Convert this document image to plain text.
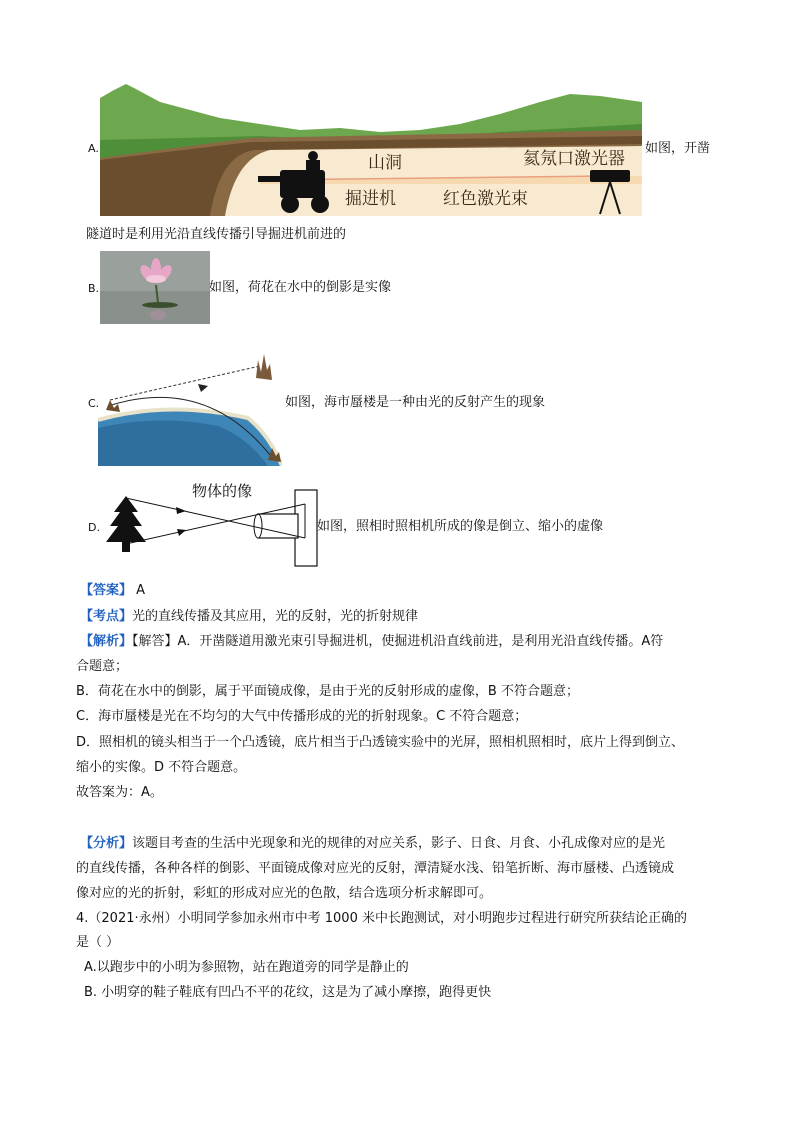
A.
山洞	氦氖口激光器
掘进机	红色激光束
如图，开凿
隧道时是利用光沿直线传播引导掘进机前进的
B.	如图，荷花在水中的倒影是实像
C.	如图，海市蜃楼是一种由光的反射产生的现象
D.
物体的像
如图，照相时照相机所成的像是倒立、缩小的虚像
【答案】 A
【考点】光的直线传播及其应用，光的反射，光的折射规律
【解析】【解答】A．开凿隧道用激光束引导掘进机，使掘进机沿直线前进，是利用光沿直线传播。A符
合题意；
B．荷花在水中的倒影，属于平面镜成像，是由于光的反射形成的虚像，B 不符合题意；
C．海市蜃楼是光在不均匀的大气中传播形成的光的折射现象。C 不符合题意；
D．照相机的镜头相当于一个凸透镜，底片相当于凸透镜实验中的光屏，照相机照相时，底片上得到倒立、
缩小的实像。D 不符合题意。
故答案为：A。
【分析】该题目考查的生活中光现象和光的规律的对应关系，影子、日食、月食、小孔成像对应的是光
的直线传播，各种各样的倒影、平面镜成像对应光的反射，潭清疑水浅、铅笔折断、海市蜃楼、凸透镜成
像对应的光的折射，彩虹的形成对应光的色散，结合选项分析求解即可。
4.（2021·永州）小明同学参加永州市中考 1000 米中长跑测试，对小明跑步过程进行研究所获结论正确的
是（ ）
A.以跑步中的小明为参照物，站在跑道旁的同学是静止的
B. 小明穿的鞋子鞋底有凹凸不平的花纹，这是为了减小摩擦，跑得更快
